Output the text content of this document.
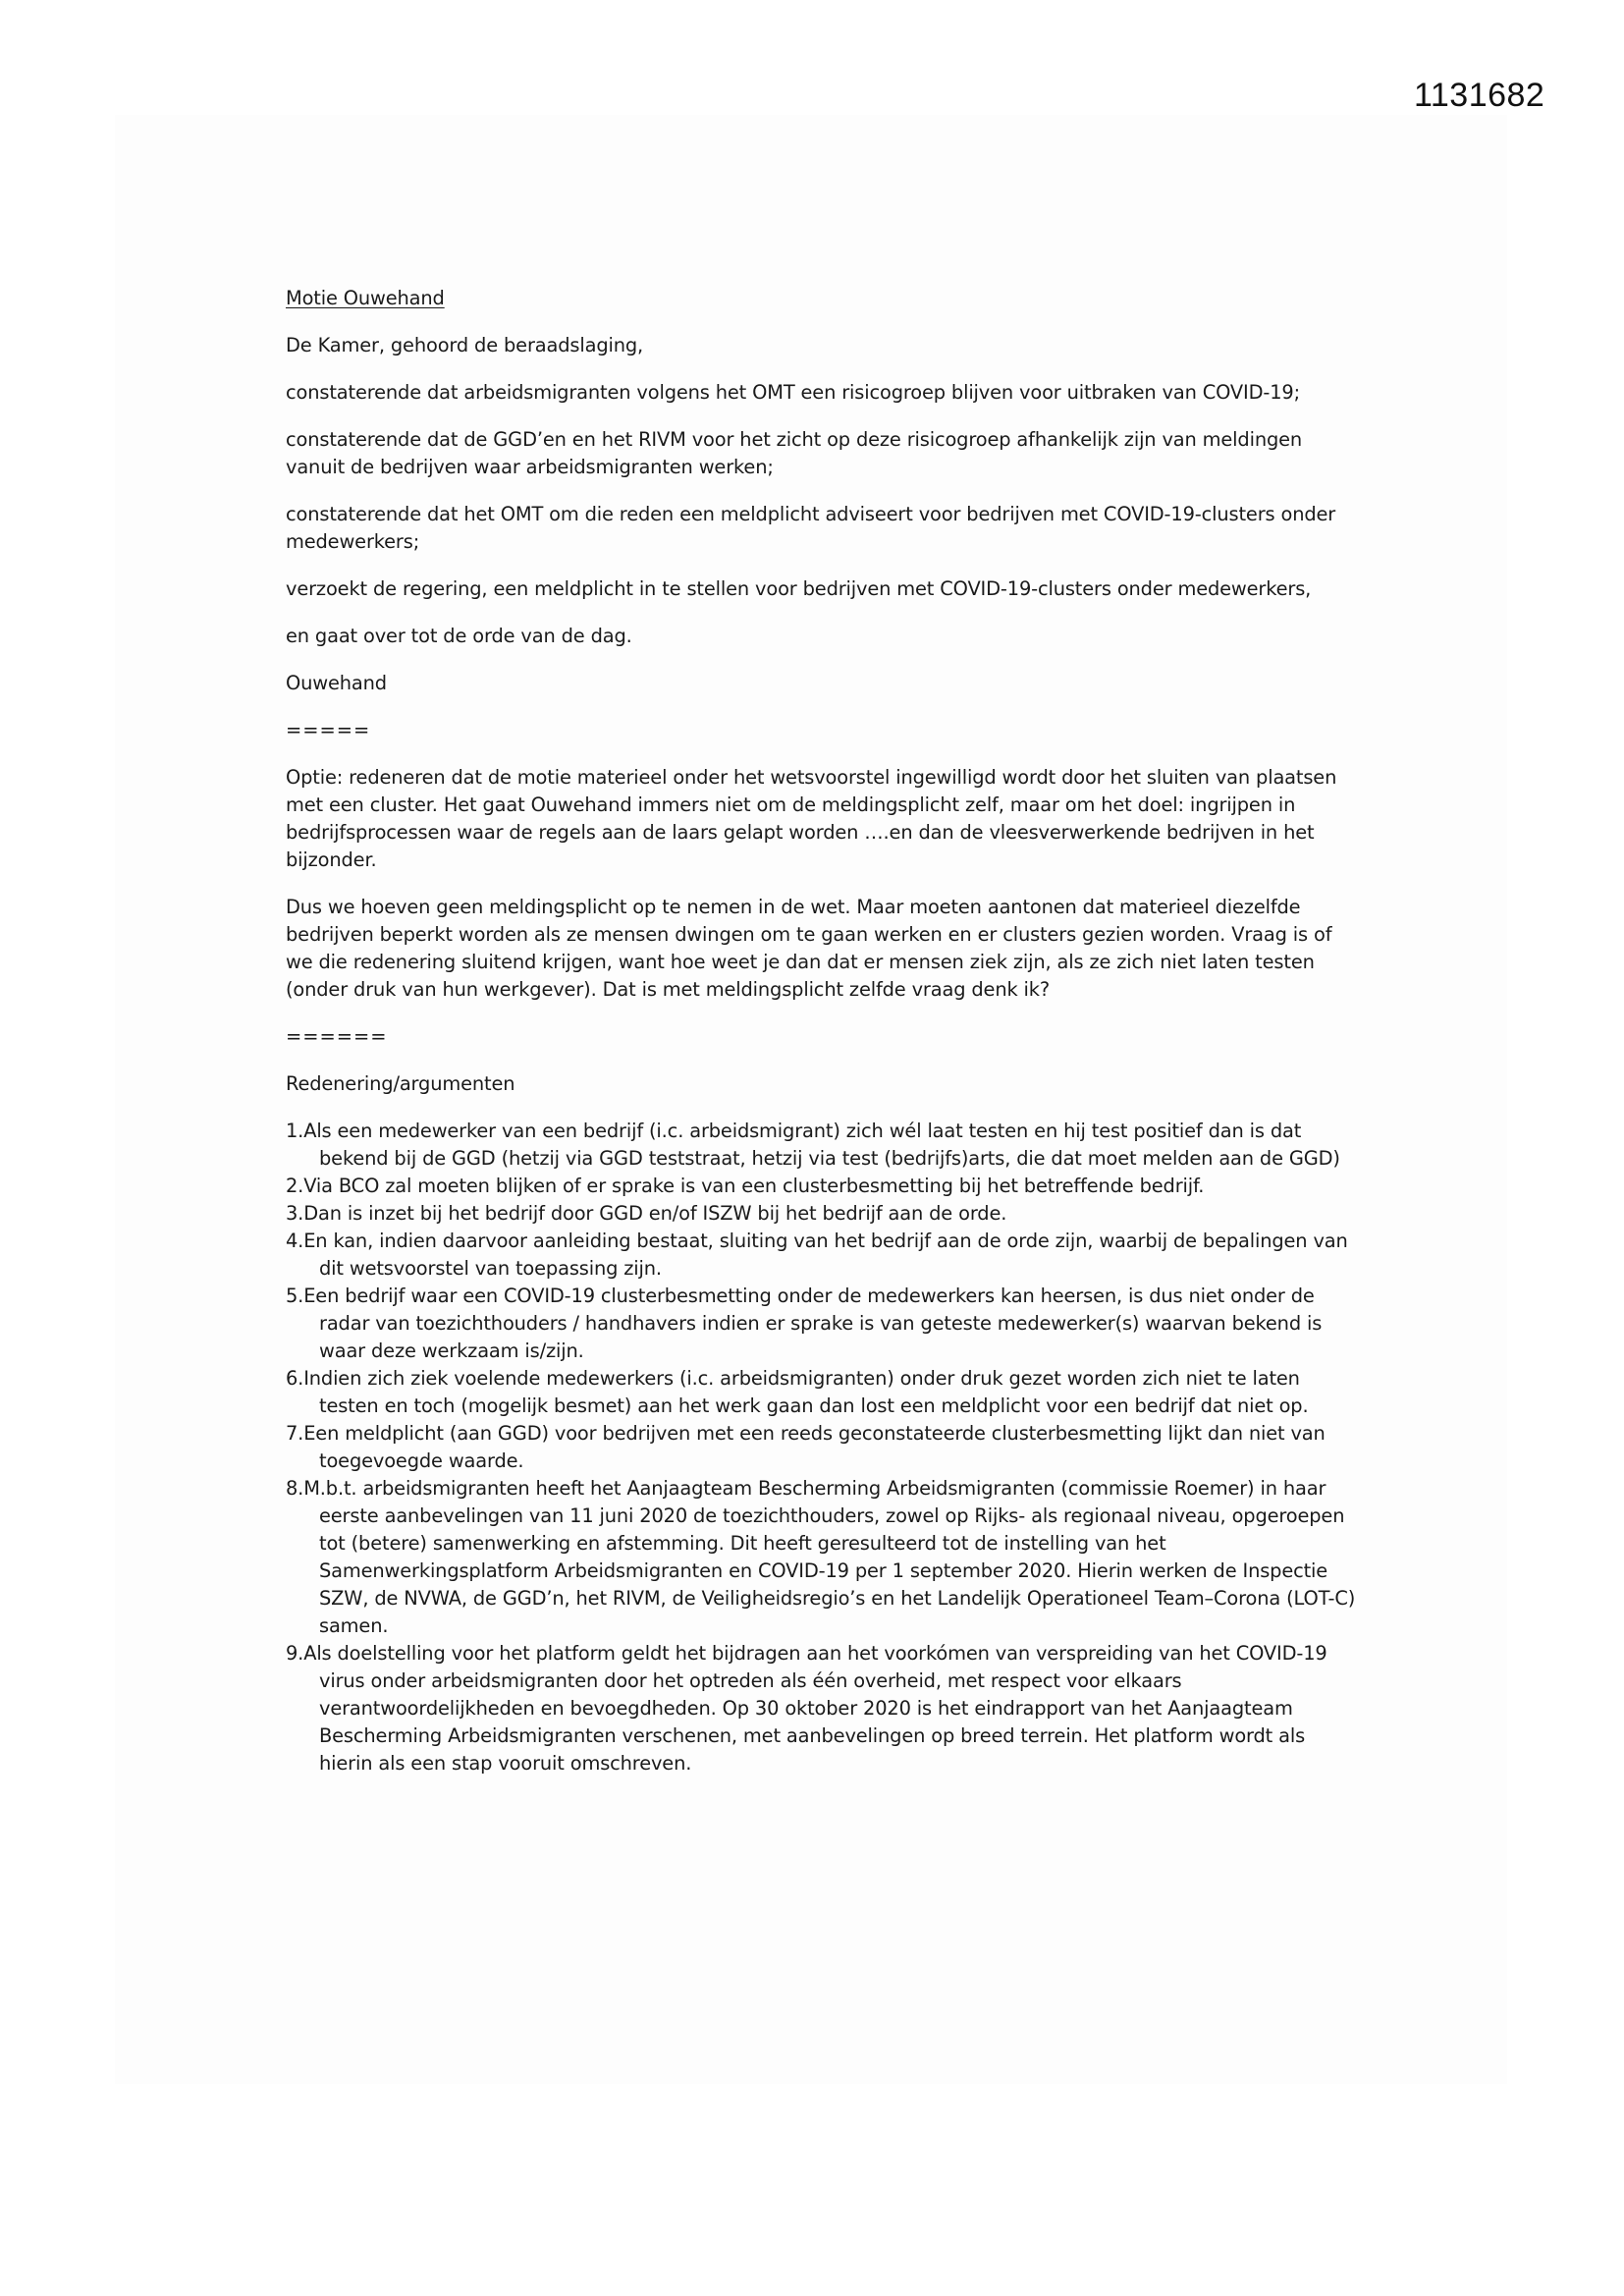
1131682

Motie Ouwehand

De Kamer, gehoord de beraadslaging,

constaterende dat arbeidsmigranten volgens het OMT een risicogroep blijven voor uitbraken van COVID-19;

constaterende dat de GGD’en en het RIVM voor het zicht op deze risicogroep afhankelijk zijn van meldingen vanuit de bedrijven waar arbeidsmigranten werken;

constaterende dat het OMT om die reden een meldplicht adviseert voor bedrijven met COVID-19-clusters onder medewerkers;

verzoekt de regering, een meldplicht in te stellen voor bedrijven met COVID-19-clusters onder medewerkers,

en gaat over tot de orde van de dag.

Ouwehand

=====

Optie: redeneren dat de motie materieel onder het wetsvoorstel ingewilligd wordt door het sluiten van plaatsen met een cluster. Het gaat Ouwehand immers niet om de meldingsplicht zelf, maar om het doel: ingrijpen in bedrijfsprocessen waar de regels aan de laars gelapt worden ….en dan de vleesverwerkende bedrijven in het bijzonder.

Dus we hoeven geen meldingsplicht op te nemen in de wet. Maar moeten aantonen dat materieel diezelfde bedrijven beperkt worden als ze mensen dwingen om te gaan werken en er clusters gezien worden. Vraag is of we die redenering sluitend krijgen, want hoe weet je dan dat er mensen ziek zijn, als ze zich niet laten testen (onder druk van hun werkgever). Dat is met meldingsplicht zelfde vraag denk ik?

======

Redenering/argumenten

1.Als een medewerker van een bedrijf (i.c. arbeidsmigrant) zich wél laat testen en hij test positief dan is dat bekend bij de GGD (hetzij via GGD teststraat, hetzij via test (bedrijfs)arts, die dat moet melden aan de GGD)
2.Via BCO zal moeten blijken of er sprake is van een clusterbesmetting bij het betreffende bedrijf.
3.Dan is inzet bij het bedrijf door GGD en/of ISZW bij het bedrijf aan de orde.
4.En kan, indien daarvoor aanleiding bestaat, sluiting van het bedrijf aan de orde zijn, waarbij de bepalingen van dit wetsvoorstel van toepassing zijn.
5.Een bedrijf waar een COVID-19 clusterbesmetting onder de medewerkers kan heersen, is dus niet onder de radar van toezichthouders / handhavers indien er sprake is van geteste medewerker(s) waarvan bekend is waar deze werkzaam is/zijn.
6.Indien zich ziek voelende medewerkers (i.c. arbeidsmigranten) onder druk gezet worden zich niet te laten testen en toch (mogelijk besmet) aan het werk gaan dan lost een meldplicht voor een bedrijf dat niet op.
7.Een meldplicht (aan GGD) voor bedrijven met een reeds geconstateerde clusterbesmetting lijkt dan niet van toegevoegde waarde.
8.M.b.t. arbeidsmigranten heeft het Aanjaagteam Bescherming Arbeidsmigranten (commissie Roemer) in haar eerste aanbevelingen van 11 juni 2020 de toezichthouders, zowel op Rijks- als regionaal niveau, opgeroepen tot (betere) samenwerking en afstemming. Dit heeft geresulteerd tot de instelling van het Samenwerkingsplatform Arbeidsmigranten en COVID-19 per 1 september 2020. Hierin werken de Inspectie SZW, de NVWA, de GGD’n, het RIVM, de Veiligheidsregio’s en het Landelijk Operationeel Team–Corona (LOT-C) samen.
9.Als doelstelling voor het platform geldt het bijdragen aan het voorkómen van verspreiding van het COVID-19 virus onder arbeidsmigranten door het optreden als één overheid, met respect voor elkaars verantwoordelijkheden en bevoegdheden. Op 30 oktober 2020 is het eindrapport van het Aanjaagteam Bescherming Arbeidsmigranten verschenen, met aanbevelingen op breed terrein. Het platform wordt als hierin als een stap vooruit omschreven.
